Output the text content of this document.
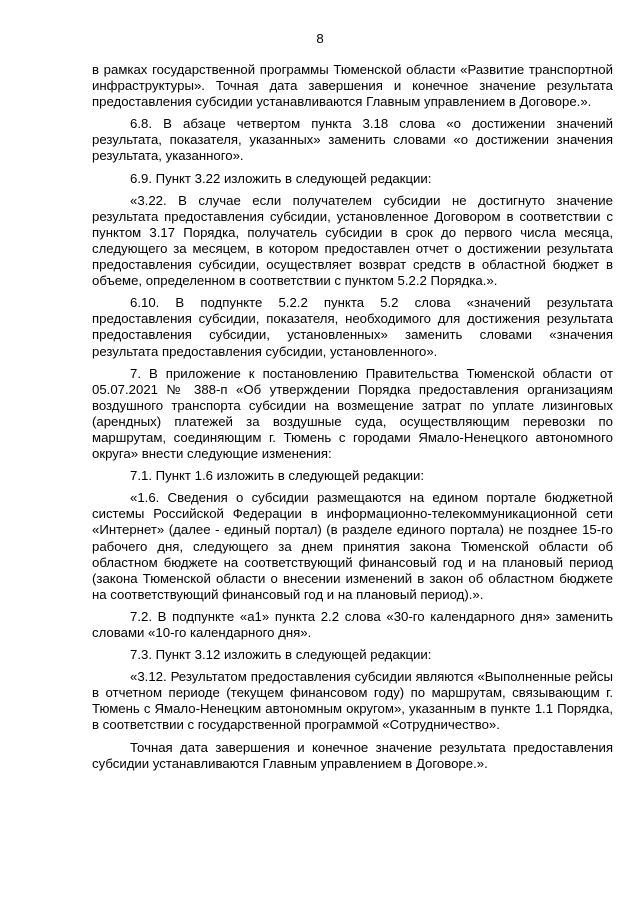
8

в рамках государственной программы Тюменской области «Развитие транспортной инфраструктуры». Точная дата завершения и конечное значение результата предоставления субсидии устанавливаются Главным управлением в Договоре.».

6.8. В абзаце четвертом пункта 3.18 слова «о достижении значений результата, показателя, указанных» заменить словами «о достижении значения результата, указанного».

6.9. Пункт 3.22 изложить в следующей редакции:

«3.22. В случае если получателем субсидии не достигнуто значение результата предоставления субсидии, установленное Договором в соответствии с пунктом 3.17 Порядка, получатель субсидии в срок до первого числа месяца, следующего за месяцем, в котором предоставлен отчет о достижении результата предоставления субсидии, осуществляет возврат средств в областной бюджет в объеме, определенном в соответствии с пунктом 5.2.2 Порядка.».

6.10. В подпункте 5.2.2 пункта 5.2 слова «значений результата предоставления субсидии, показателя, необходимого для достижения результата предоставления субсидии, установленных» заменить словами «значения результата предоставления субсидии, установленного».

7. В приложение к постановлению Правительства Тюменской области от 05.07.2021 № 388-п «Об утверждении Порядка предоставления организациям воздушного транспорта субсидии на возмещение затрат по уплате лизинговых (арендных) платежей за воздушные суда, осуществляющим перевозки по маршрутам, соединяющим г. Тюмень с городами Ямало-Ненецкого автономного округа» внести следующие изменения:

7.1. Пункт 1.6 изложить в следующей редакции:

«1.6. Сведения о субсидии размещаются на едином портале бюджетной системы Российской Федерации в информационно-телекоммуникационной сети «Интернет» (далее - единый портал) (в разделе единого портала) не позднее 15-го рабочего дня, следующего за днем принятия закона Тюменской области об областном бюджете на соответствующий финансовый год и на плановый период (закона Тюменской области о внесении изменений в закон об областном бюджете на соответствующий финансовый год и на плановый период).».

7.2. В подпункте «а1» пункта 2.2 слова «30-го календарного дня» заменить словами «10-го календарного дня».

7.3. Пункт 3.12 изложить в следующей редакции:

«3.12. Результатом предоставления субсидии являются «Выполненные рейсы в отчетном периоде (текущем финансовом году) по маршрутам, связывающим г. Тюмень с Ямало-Ненецким автономным округом», указанным в пункте 1.1 Порядка, в соответствии с государственной программой «Сотрудничество».

Точная дата завершения и конечное значение результата предоставления субсидии устанавливаются Главным управлением в Договоре.».
